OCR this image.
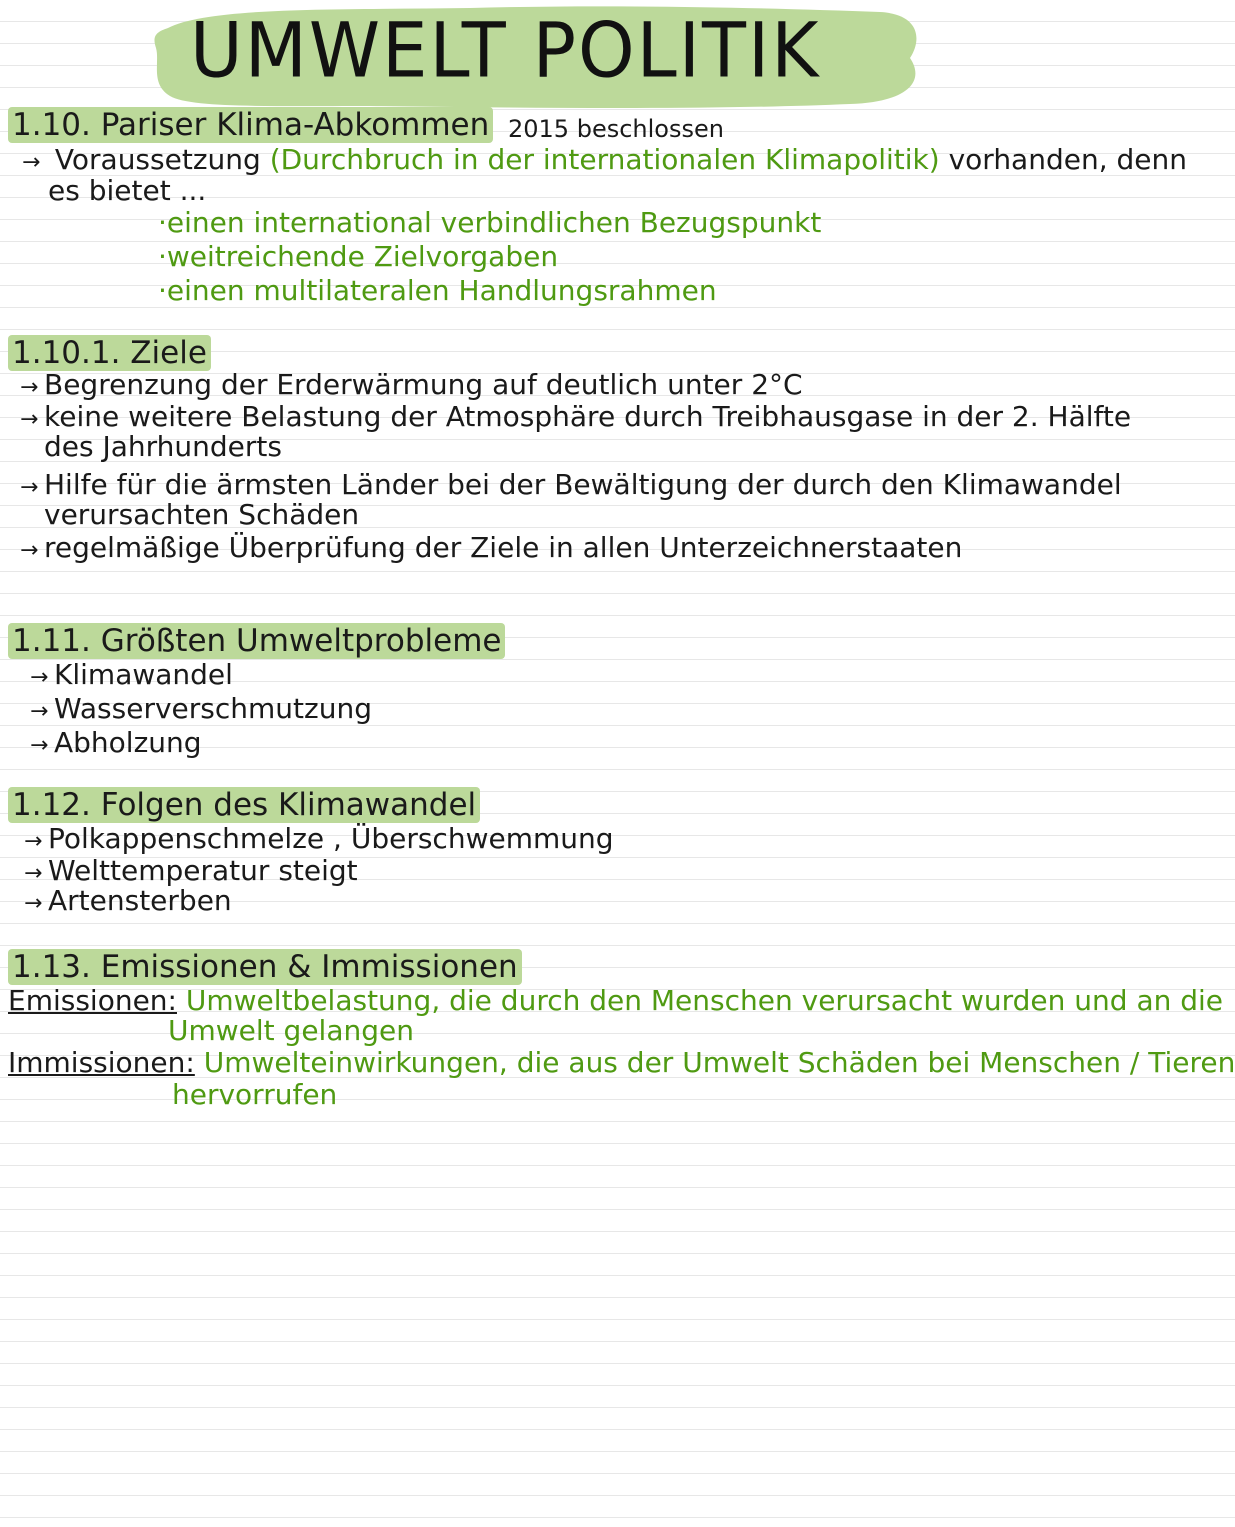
UMWELT POLITIK
1.10. Pariser Klima-Abkommen 2015 beschlossen
→ Voraussetzung (Durchbruch in der internationalen Klimapolitik) vorhanden, denn
es bietet ...
·einen international verbindlichen Bezugspunkt
·weitreichende Zielvorgaben
·einen multilateralen Handlungsrahmen
1.10.1. Ziele
→ Begrenzung der Erderwärmung auf deutlich unter 2°C
→ keine weitere Belastung der Atmosphäre durch Treibhausgase in der 2. Hälfte
des Jahrhunderts
→ Hilfe für die ärmsten Länder bei der Bewältigung der durch den Klimawandel
verursachten Schäden
→ regelmäßige Überprüfung der Ziele in allen Unterzeichnerstaaten
1.11. Größten Umweltprobleme
→ Klimawandel
→ Wasserverschmutzung
→ Abholzung
1.12. Folgen des Klimawandel
→ Polkappenschmelze , Überschwemmung
→ Welttemperatur steigt
→ Artensterben
1.13. Emissionen & Immissionen
Emissionen: Umweltbelastung, die durch den Menschen verursacht wurden und an die
Umwelt gelangen
Immissionen: Umwelteinwirkungen, die aus der Umwelt Schäden bei Menschen / Tieren
hervorrufen
